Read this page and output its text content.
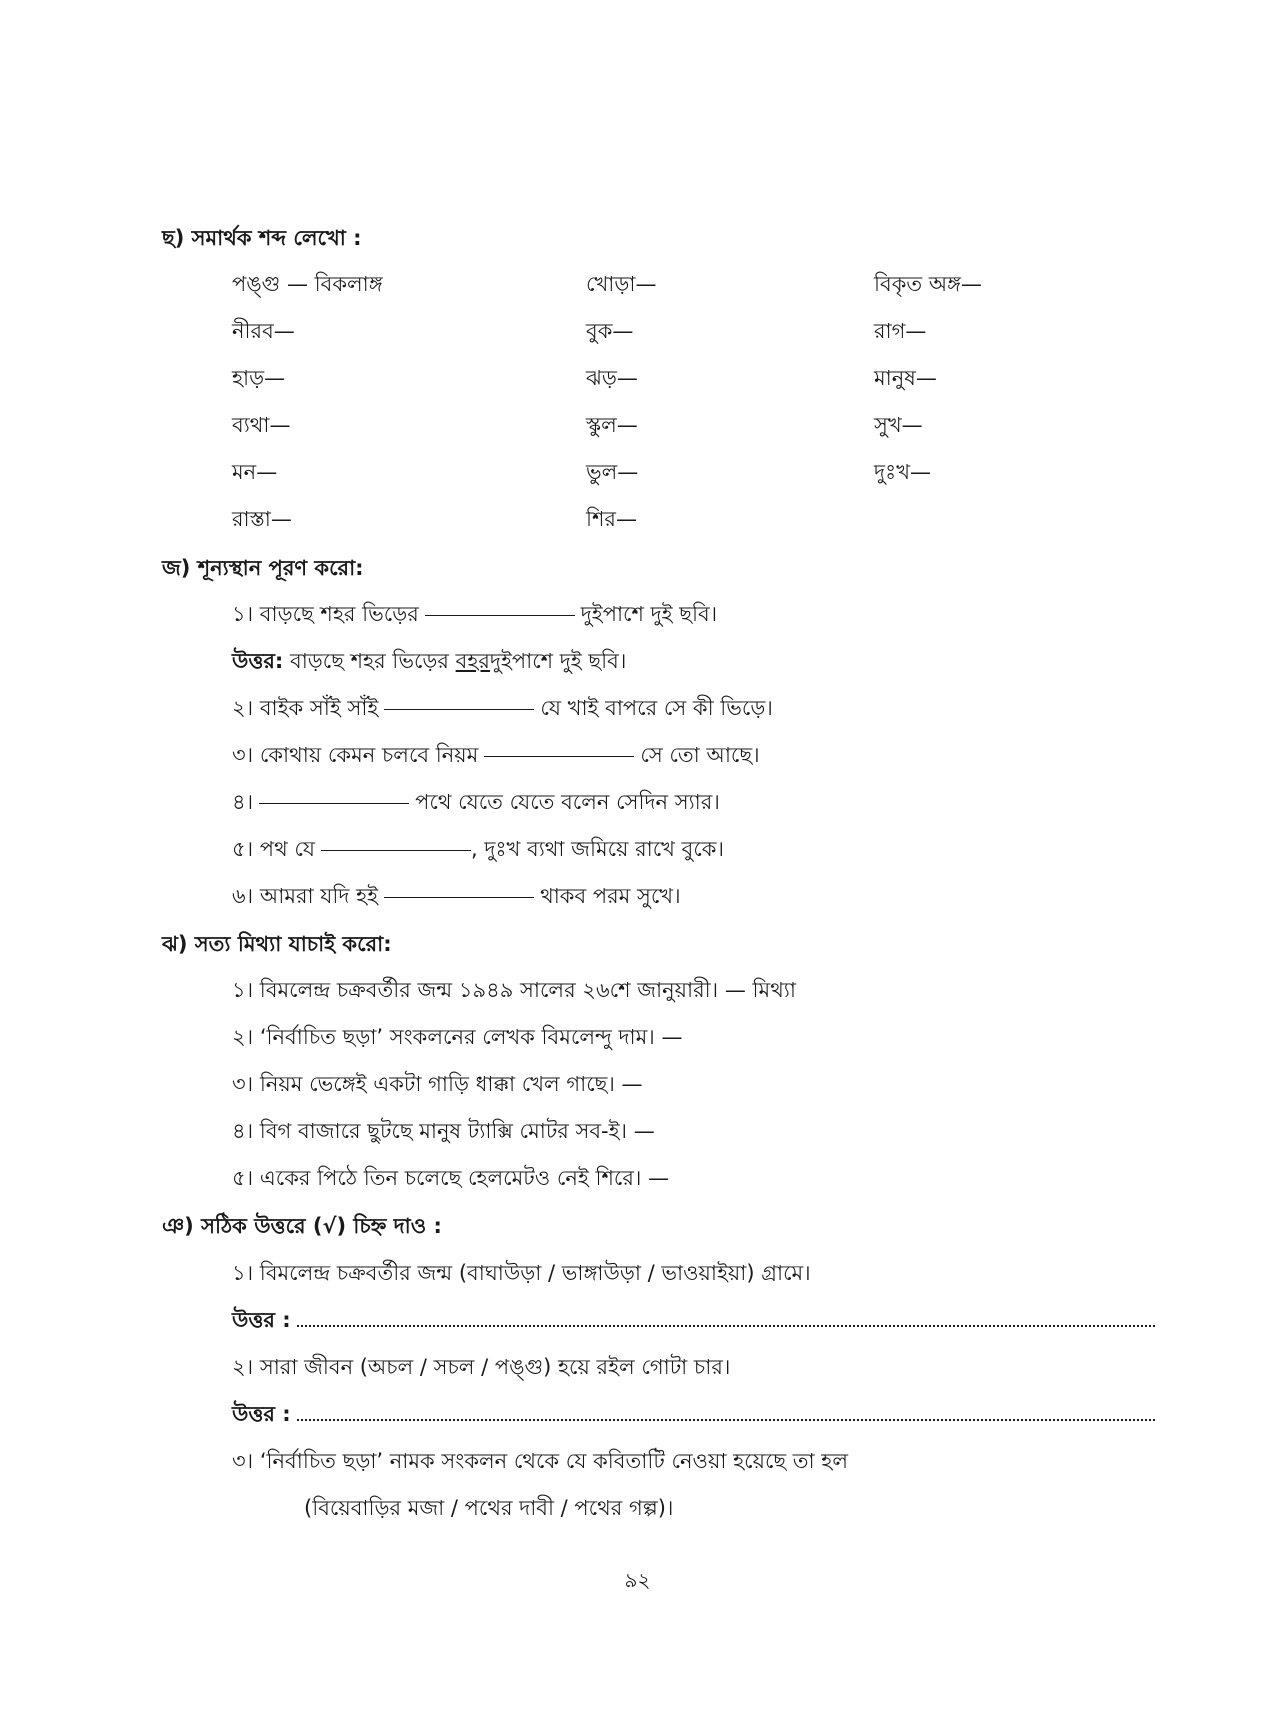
ছ) সমার্থক শব্দ লেখো :
পঙ্গু — বিকলাঙ্গ	খোড়া—	বিকৃত অঙ্গ—
নীরব—	বুক—	রাগ—
হাড়—	ঝড়—	মানুষ—
ব্যথা—	স্কুল—	সুখ—
মন—	ভুল—	দুঃখ—
রাস্তা—	শির—
জ) শূন্যস্থান পূরণ করো:
১। বাড়ছে শহর ভিড়ের	দুইপাশে দুই ছবি।
উত্তর: বাড়ছে শহর ভিড়ের বহরদুইপাশে দুই ছবি।
২। বাইক সাঁই সাঁই	যে খাই বাপরে সে কী ভিড়ে।
৩। কোথায় কেমন চলবে নিয়ম	সে তো আছে।
৪।	পথে যেতে যেতে বলেন সেদিন স্যার।
৫। পথ যে	, দুঃখ ব্যথা জমিয়ে রাখে বুকে।
৬। আমরা যদি হই	থাকব পরম সুখে।
ঝ) সত্য মিথ্যা যাচাই করো:
১। বিমলেন্দ্র চক্রবর্তীর জন্ম ১৯৪৯ সালের ২৬শে জানুয়ারী। — মিথ্যা
২। ‘নির্বাচিত ছড়া’ সংকলনের লেখক বিমলেন্দু দাম। —
৩। নিয়ম ভেঙ্গেই একটা গাড়ি ধাক্কা খেল গাছে। —
৪। বিগ বাজারে ছুটছে মানুষ ট্যাক্সি মোটর সব-ই। —
৫। একের পিঠে তিন চলেছে হেলমেটও নেই শিরে। —
ঞ) সঠিক উত্তরে (√) চিহ্ন দাও :
১। বিমলেন্দ্র চক্রবর্তীর জন্ম (বাঘাউড়া / ভাঙ্গাউড়া / ভাওয়াইয়া) গ্রামে।
উত্তর :
২। সারা জীবন (অচল / সচল / পঙ্গু) হয়ে রইল গোটা চার।
উত্তর :
৩। ‘নির্বাচিত ছড়া’ নামক সংকলন থেকে যে কবিতাটি নেওয়া হয়েছে তা হল
(বিয়েবাড়ির মজা / পথের দাবী / পথের গল্প)।
৯২
